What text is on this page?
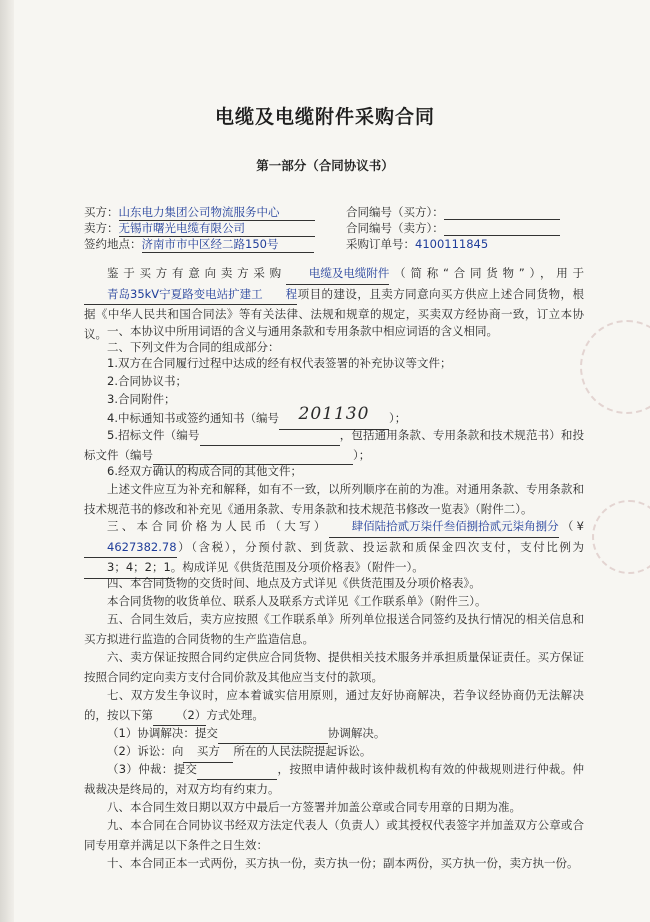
电缆及电缆附件采购合同
第一部分（合同协议书）
买方：山东电力集团公司物流服务中心
卖方：无锡市曙光电缆有限公司
签约地点：济南市市中区经二路150号
合同编号（买方）：
合同编号（卖方）：
采购订单号：4100111845
鉴于买方有意向卖方采购 电缆及电缆附件（简称“合同货物”），用于青岛35kV宁夏路变电站扩建工 程项目的建设，且卖方同意向买方供应上述合同货物，根据《中华人民共和国合同法》等有关法律、法规和规章的规定，买卖双方经协商一致，订立本协议。 一、本协议中所用词语的含义与通用条款和专用条款中相应词语的含义相同。
二、下列文件为合同的组成部分：
1.双方在合同履行过程中达成的经有权代表签署的补充协议等文件；
2.合同协议书；
3.合同附件；
4.中标通知书或签约通知书（编号 201130 ）；
5.招标文件（编号	，包括通用条款、专用条款和技术规范书）和投标文件（编号	）；
6.经双方确认的构成合同的其他文件；
上述文件应互为补充和解释，如有不一致，以所列顺序在前的为准。对通用条款、专用条款和技术规范书的修改和补充见《通用条款、专用条款和技术规范书修改一览表》（附件二）。
三、本合同价格为人民币（大写） 肆佰陆拾贰万柒仟叁佰捌拾贰元柒角捌分（¥4627382.78）（含税），分预付款、到货款、投运款和质保金四次支付，支付比例为3；4；2；1。构成详见《供货范围及分项价格表》（附件一）。
四、本合同货物的交货时间、地点及方式详见《供货范围及分项价格表》。
本合同货物的收货单位、联系人及联系方式详见《工作联系单》（附件三）。
五、合同生效后，卖方应按照《工作联系单》所列单位报送合同签约及执行情况的相关信息和买方拟进行监造的合同货物的生产监造信息。
六、卖方保证按照合同约定供应合同货物、提供相关技术服务并承担质量保证责任。买方保证按照合同约定向卖方支付合同价款及其他应当支付的款项。
七、双方发生争议时，应本着诚实信用原则，通过友好协商解决，若争议经协商仍无法解决的，按以下第 （2）方式处理。
（1）协调解决：提交	协调解决。
（2）诉讼：向 买方 所在的人民法院提起诉讼。
（3）仲裁：提交	，按照申请仲裁时该仲裁机构有效的仲裁规则进行仲裁。仲裁裁决是终局的，对双方均有约束力。
八、本合同生效日期以双方中最后一方签署并加盖公章或合同专用章的日期为准。
九、本合同在合同协议书经双方法定代表人（负责人）或其授权代表签字并加盖双方公章或合同专用章并满足以下条件之日生效：
十、本合同正本一式两份，买方执一份，卖方执一份；副本两份，买方执一份，卖方执一份。
